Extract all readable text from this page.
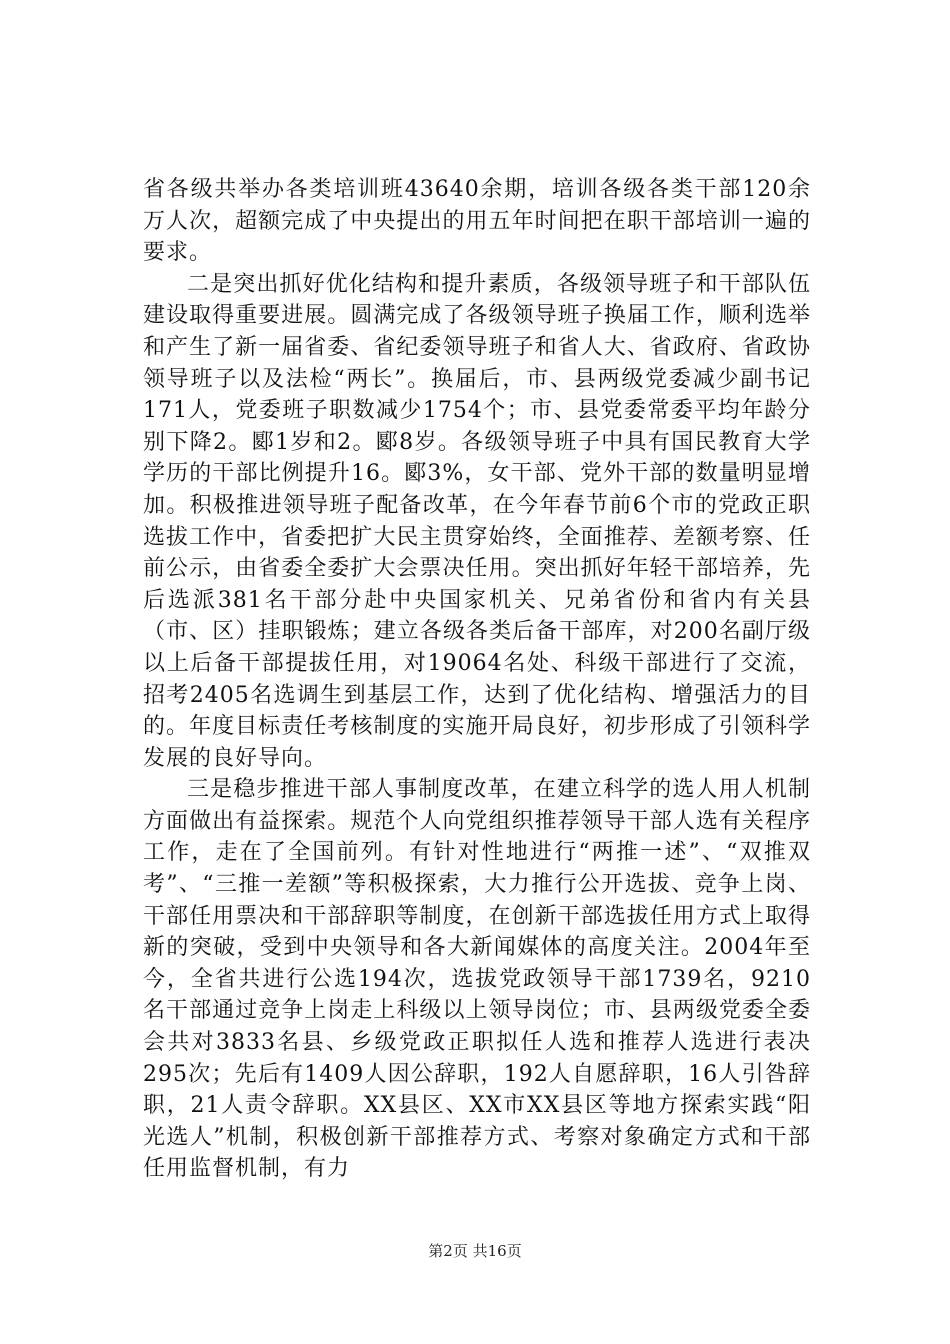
省各级共举办各类培训班43640余期，培训各级各类干部120余万人次，超额完成了中央提出的用五年时间把在职干部培训一遍的要求。

二是突出抓好优化结构和提升素质，各级领导班子和干部队伍建设取得重要进展。圆满完成了各级领导班子换届工作，顺利选举和产生了新一届省委、省纪委领导班子和省人大、省政府、省政协领导班子以及法检“两长”。换届后，市、县两级党委减少副书记171人，党委班子职数减少1754个；市、县党委常委平均年龄分别下降2。郾1岁和2。郾8岁。各级领导班子中具有国民教育大学学历的干部比例提升16。郾3%，女干部、党外干部的数量明显增加。积极推进领导班子配备改革，在今年春节前6个市的党政正职选拔工作中，省委把扩大民主贯穿始终，全面推荐、差额考察、任前公示，由省委全委扩大会票决任用。突出抓好年轻干部培养，先后选派381名干部分赴中央国家机关、兄弟省份和省内有关县（市、区）挂职锻炼；建立各级各类后备干部库，对200名副厅级以上后备干部提拔任用，对19064名处、科级干部进行了交流，招考2405名选调生到基层工作，达到了优化结构、增强活力的目的。年度目标责任考核制度的实施开局良好，初步形成了引领科学发展的良好导向。

三是稳步推进干部人事制度改革，在建立科学的选人用人机制方面做出有益探索。规范个人向党组织推荐领导干部人选有关程序工作，走在了全国前列。有针对性地进行“两推一述”、“双推双考”、“三推一差额”等积极探索，大力推行公开选拔、竞争上岗、干部任用票决和干部辞职等制度，在创新干部选拔任用方式上取得新的突破，受到中央领导和各大新闻媒体的高度关注。2004年至今，全省共进行公选194次，选拔党政领导干部1739名，9210名干部通过竞争上岗走上科级以上领导岗位；市、县两级党委全委会共对3833名县、乡级党政正职拟任人选和推荐人选进行表决295次；先后有1409人因公辞职，192人自愿辞职，16人引咎辞职，21人责令辞职。XX县区、XX市XX县区等地方探索实践“阳光选人”机制，积极创新干部推荐方式、考察对象确定方式和干部任用监督机制，有力

第2页 共16页
